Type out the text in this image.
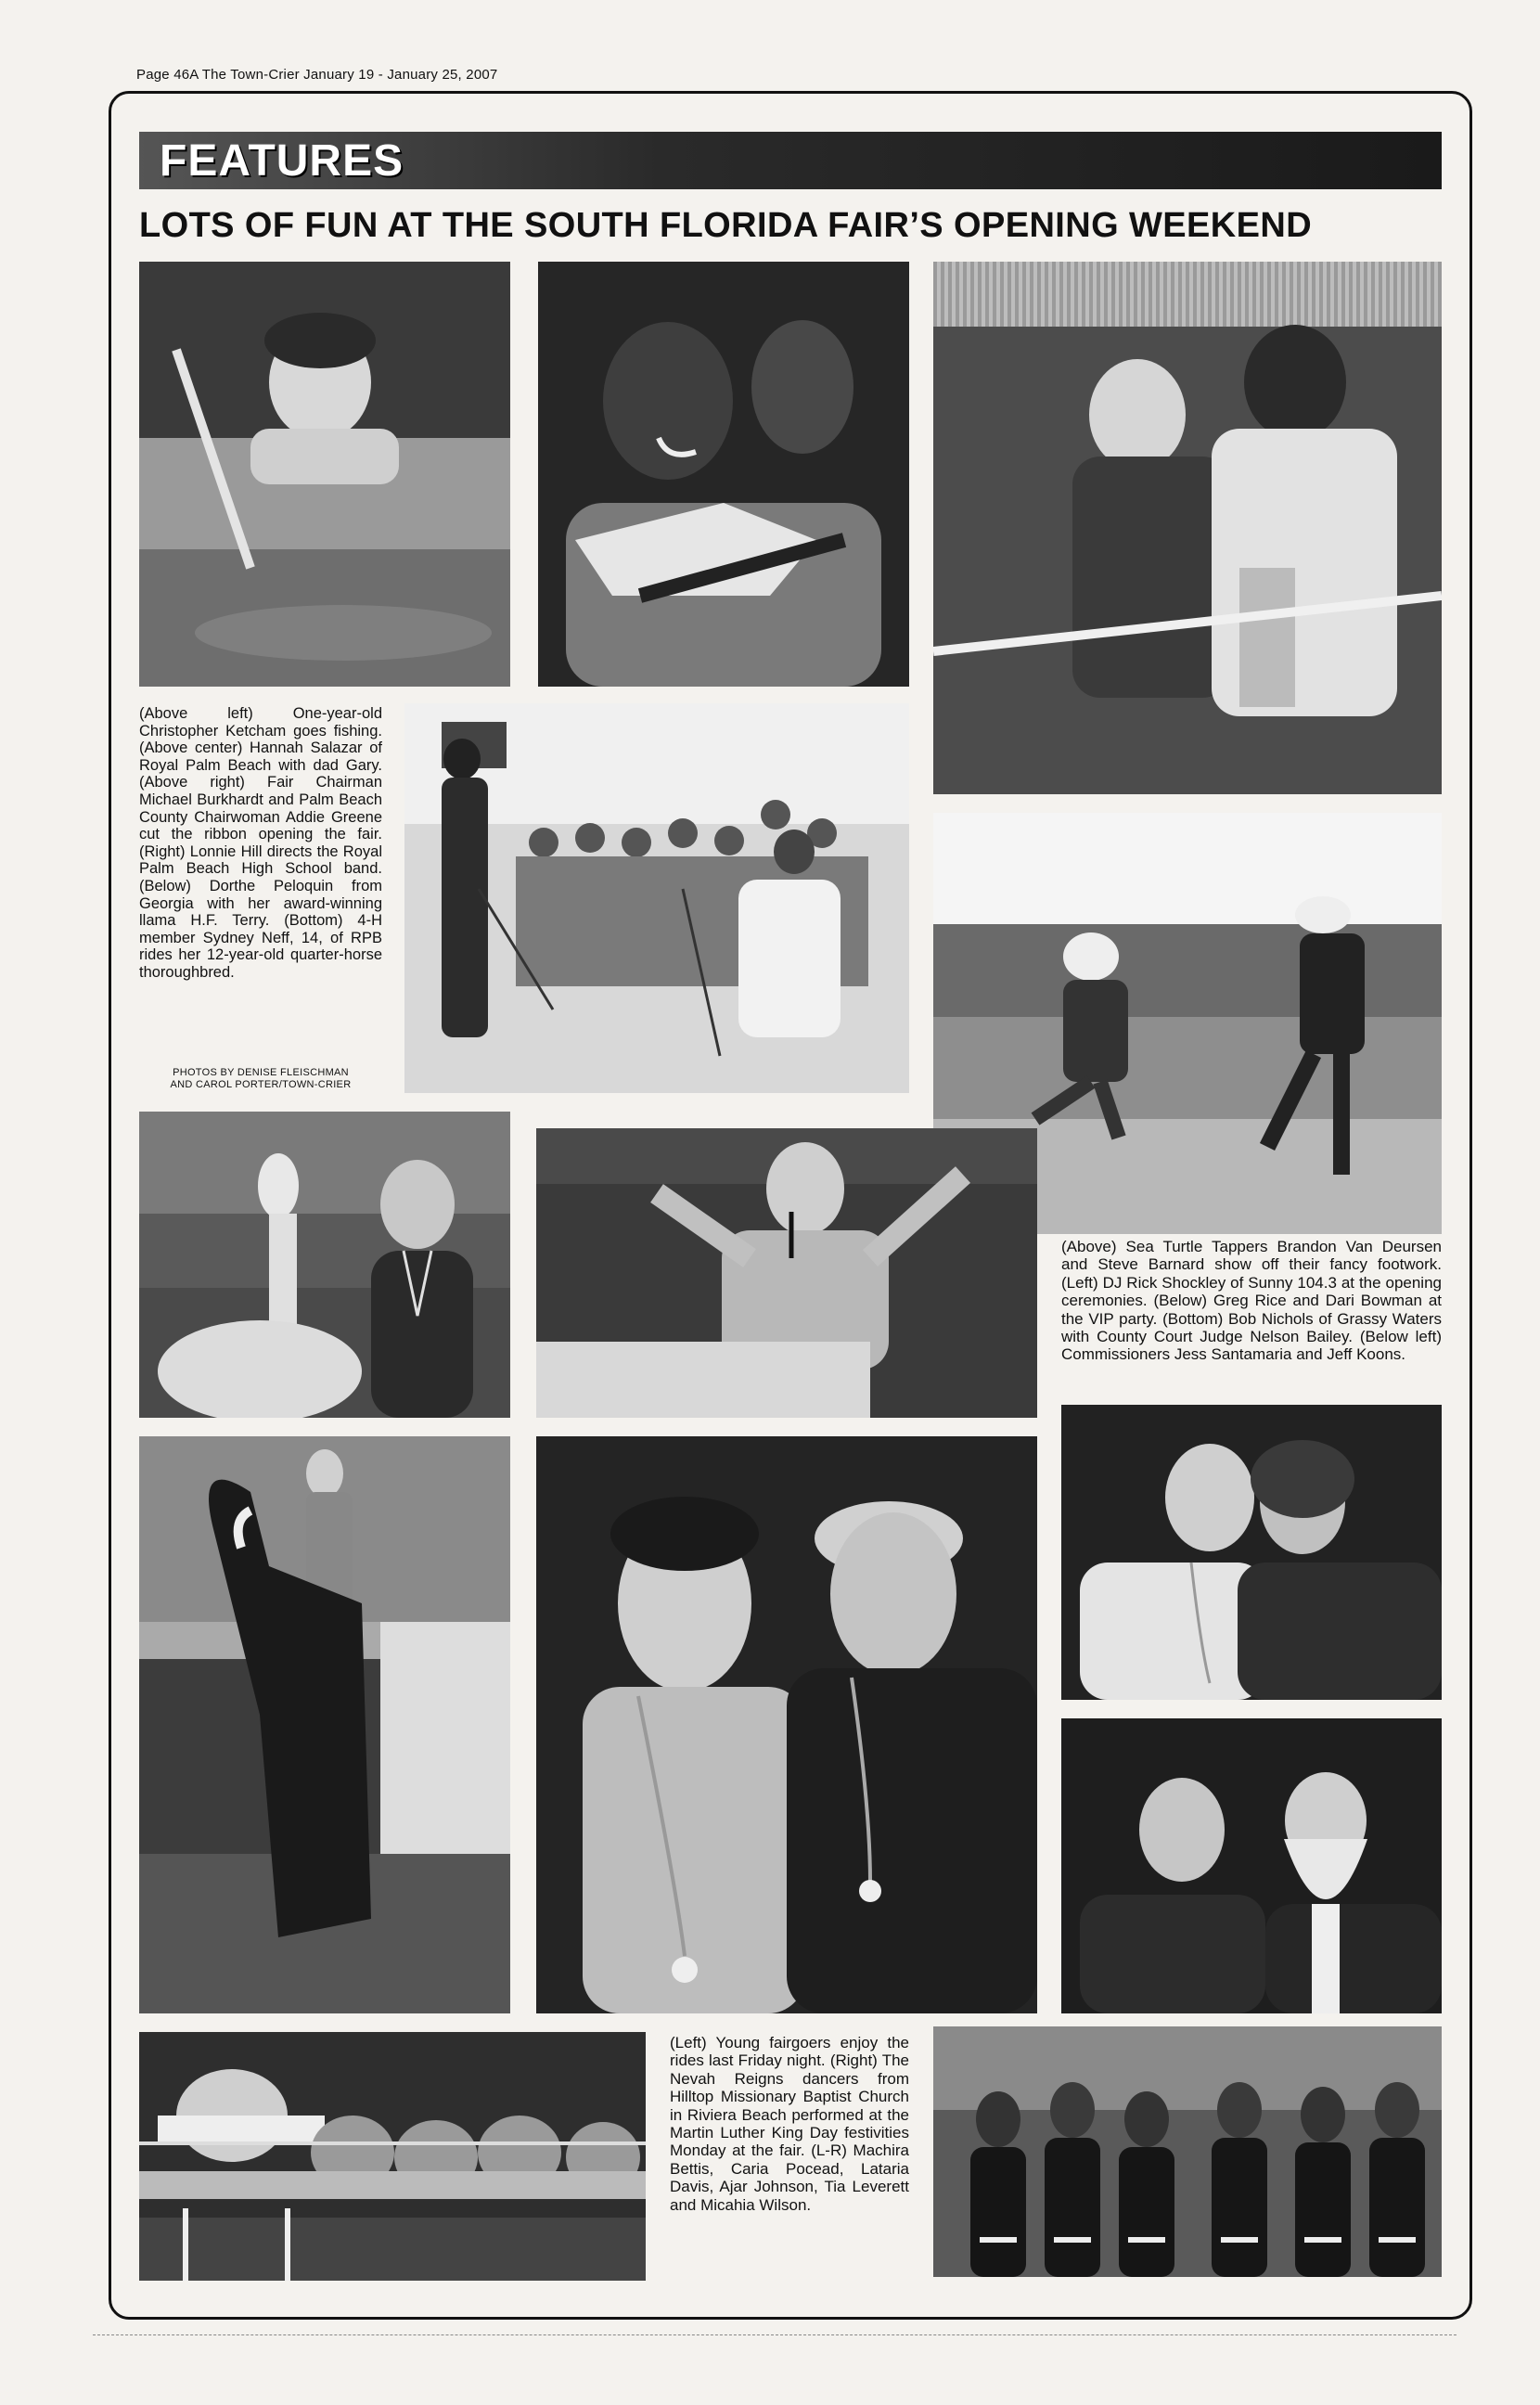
Page 46A The Town-Crier January 19 - January 25, 2007
FEATURES
LOTS OF FUN AT THE SOUTH FLORIDA FAIR’S OPENING WEEKEND
(Above left) One-year-old Christopher Ketcham goes fishing. (Above center) Hannah Salazar of Royal Palm Beach with dad Gary. (Above right) Fair Chairman Michael Burkhardt and Palm Beach County Chairwoman Addie Greene cut the ribbon opening the fair. (Right) Lonnie Hill directs the Royal Palm Beach High School band. (Below) Dorthe Peloquin from Georgia with her award-winning llama H.F. Terry. (Bottom) 4-H member Sydney Neff, 14, of RPB rides her 12-year-old quarter-horse thoroughbred.
PHOTOS BY DENISE FLEISCHMAN
AND CAROL PORTER/TOWN-CRIER
(Above) Sea Turtle Tappers Brandon Van Deursen and Steve Barnard show off their fancy footwork. (Left) DJ Rick Shockley of Sunny 104.3 at the opening ceremonies. (Below) Greg Rice and Dari Bowman at the VIP party. (Bottom) Bob Nichols of Grassy Waters with County Court Judge Nelson Bailey. (Below left) Commissioners Jess Santamaria and Jeff Koons.
(Left) Young fairgoers enjoy the rides last Friday night. (Right) The Nevah Reigns dancers from Hilltop Missionary Baptist Church in Riviera Beach performed at the Martin Luther King Day festivities Monday at the fair. (L-R) Machira Bettis, Caria Pocead, Lataria Davis, Ajar Johnson, Tia Leverett and Micahia Wilson.
